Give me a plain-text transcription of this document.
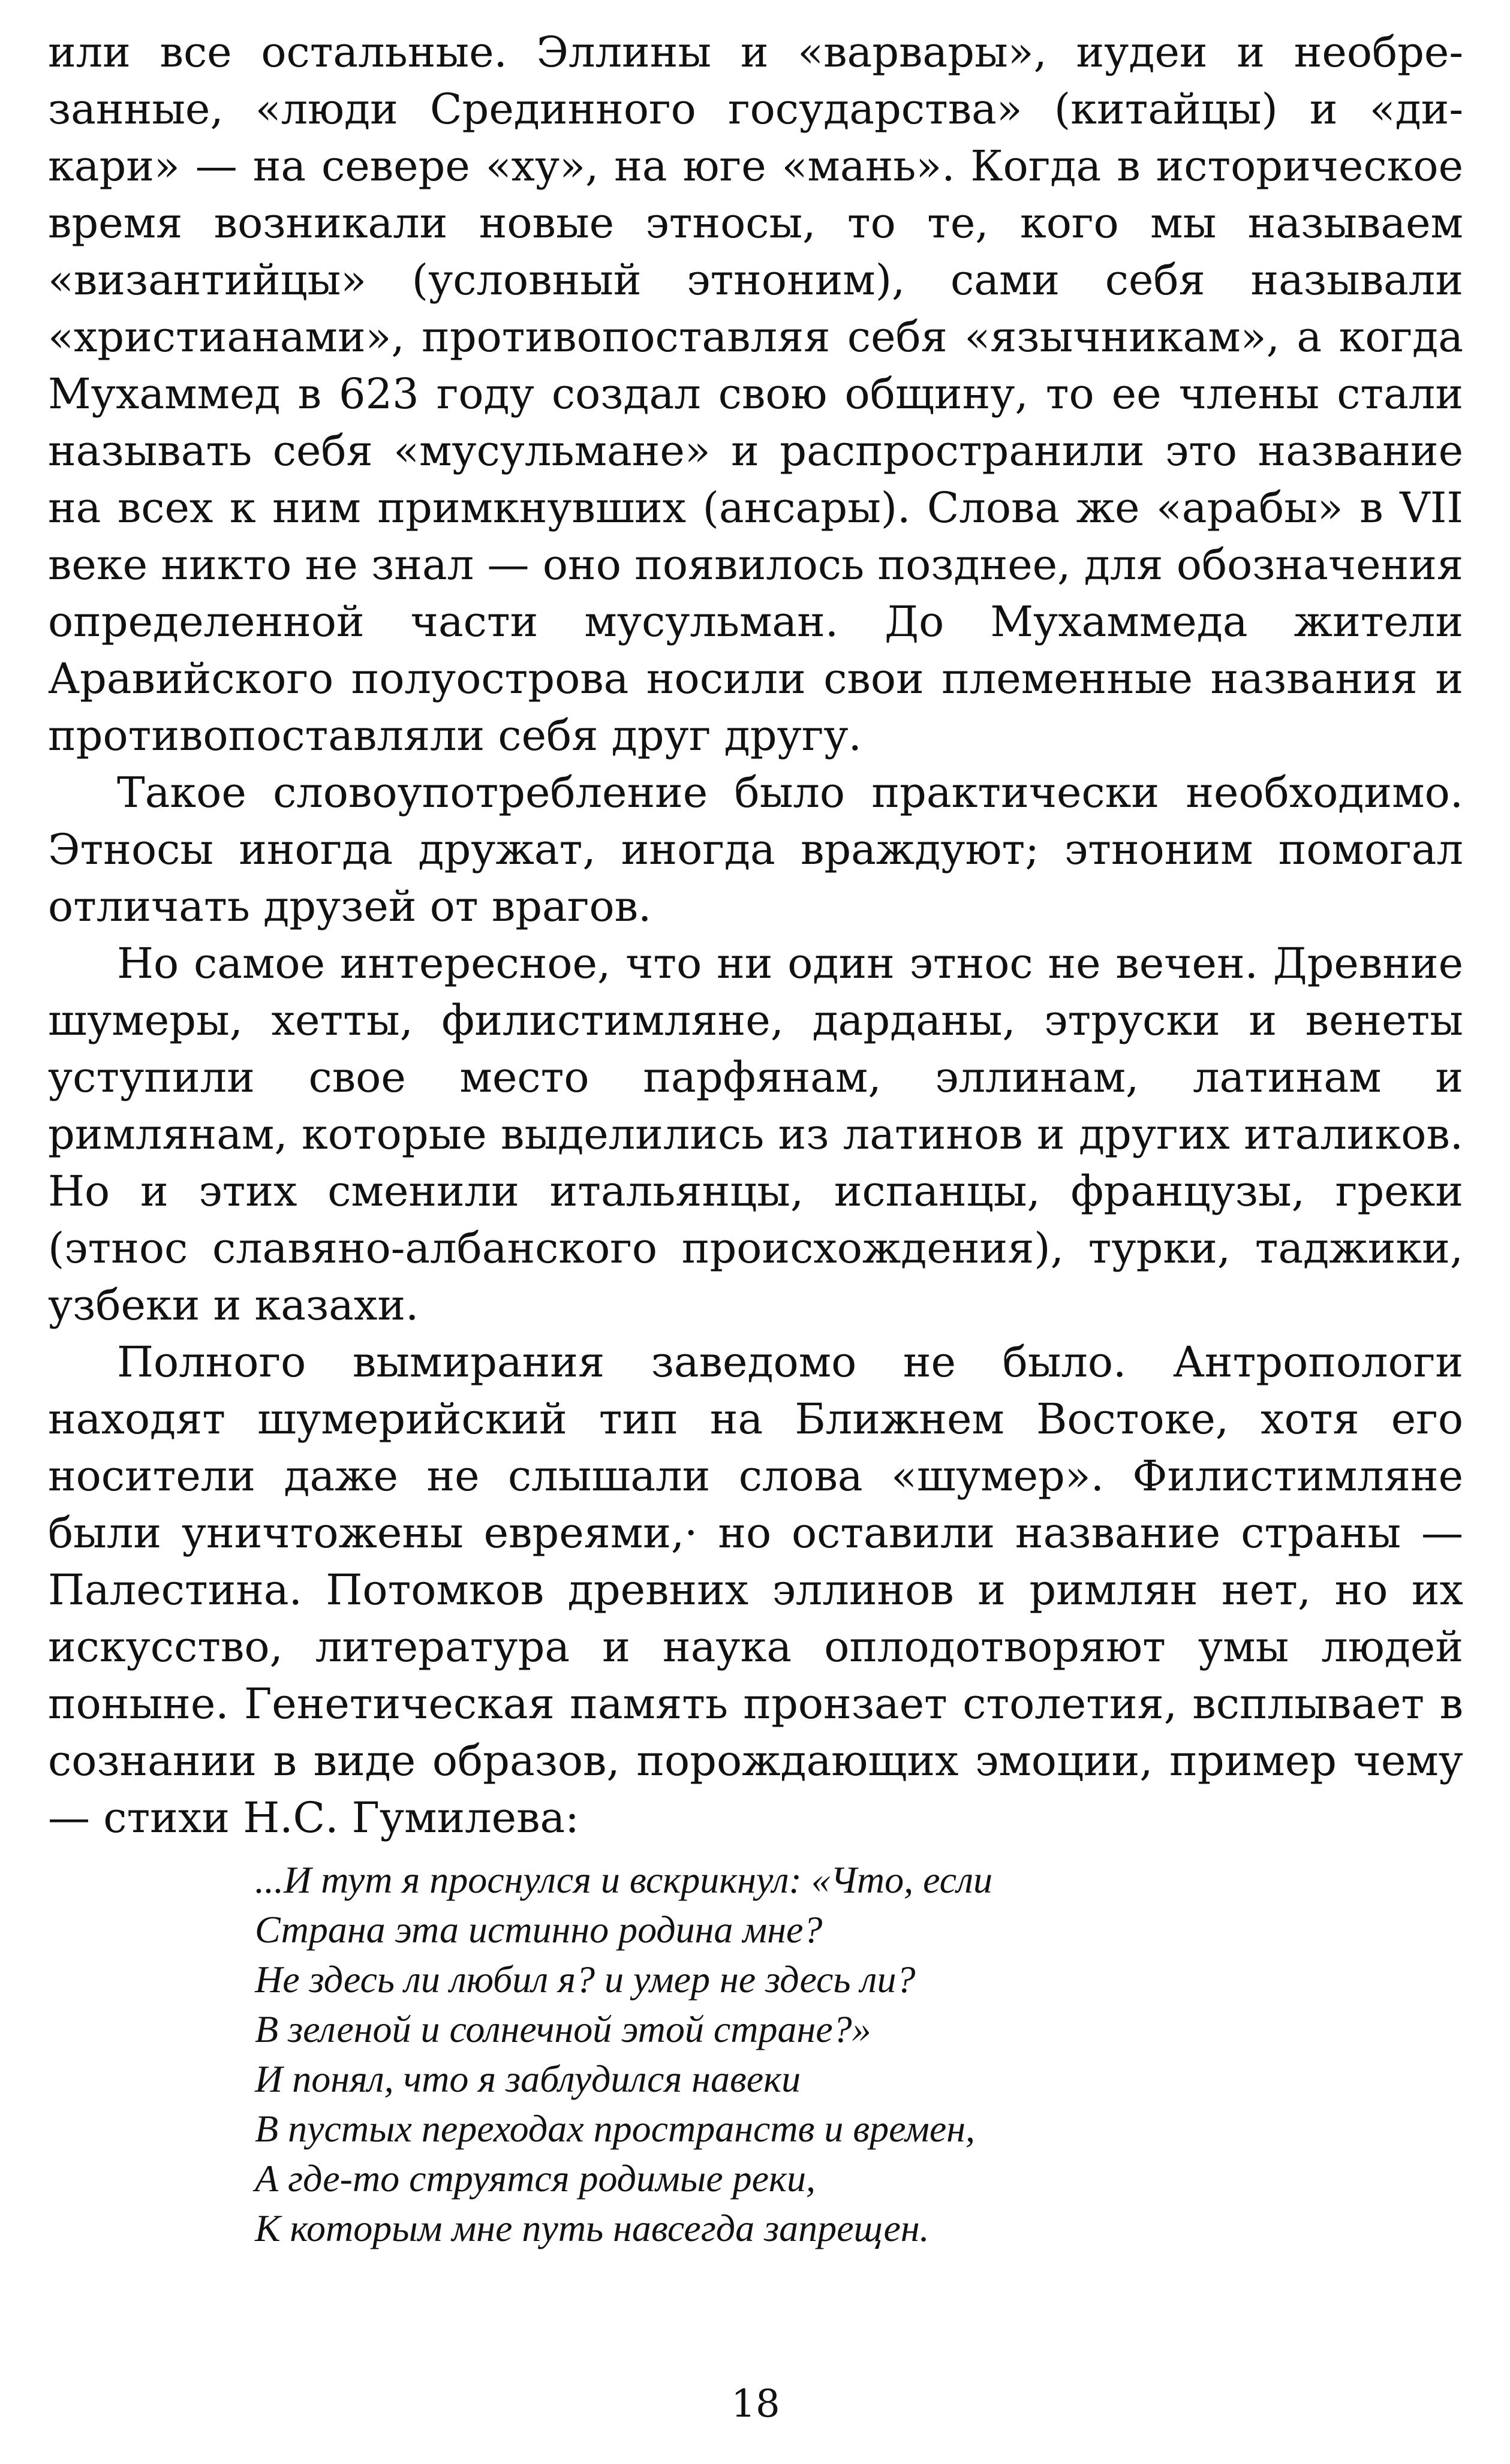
или все остальные. Эллины и «варвары», иудеи и необрезанные, «люди Срединного государства» (китайцы) и «дикари» — на севере «ху», на юге «мань». Когда в историческое время возникали новые этносы, то те, кого мы называем «византийцы» (условный этноним), сами себя называли «христианами», противопоставляя себя «язычникам», а когда Мухаммед в 623 году создал свою общину, то ее члены стали называть себя «мусульмане» и распространили это название на всех к ним примкнувших (ансары). Слова же «арабы» в VII веке никто не знал — оно появилось позднее, для обозначения определенной части мусульман. До Мухаммеда жители Аравийского полуострова носили свои племенные названия и противопоставляли себя друг другу.

Такое словоупотребление было практически необходимо. Этносы иногда дружат, иногда враждуют; этноним помогал отличать друзей от врагов.

Но самое интересное, что ни один этнос не вечен. Древние шумеры, хетты, филистимляне, дарданы, этруски и венеты уступили свое место парфянам, эллинам, латинам и римлянам, которые выделились из латинов и других италиков. Но и этих сменили итальянцы, испанцы, французы, греки (этнос славяно-албанского происхождения), турки, таджики, узбеки и казахи.

Полного вымирания заведомо не было. Антропологи находят шумерийский тип на Ближнем Востоке, хотя его носители даже не слышали слова «шумер». Филистимляне были уничтожены евреями,· но оставили название страны — Палестина. Потомков древних эллинов и римлян нет, но их искусство, литература и наука оплодотворяют умы людей поныне. Генетическая память пронзает столетия, всплывает в сознании в виде образов, порождающих эмоции, пример чему — стихи Н.С. Гумилева:

...И тут я проснулся и вскрикнул: «Что, если
Страна эта истинно родина мне?
Не здесь ли любил я? и умер не здесь ли?
В зеленой и солнечной этой стране?»
И понял, что я заблудился навеки
В пустых переходах пространств и времен,
А где-то струятся родимые реки,
К которым мне путь навсегда запрещен.
18
